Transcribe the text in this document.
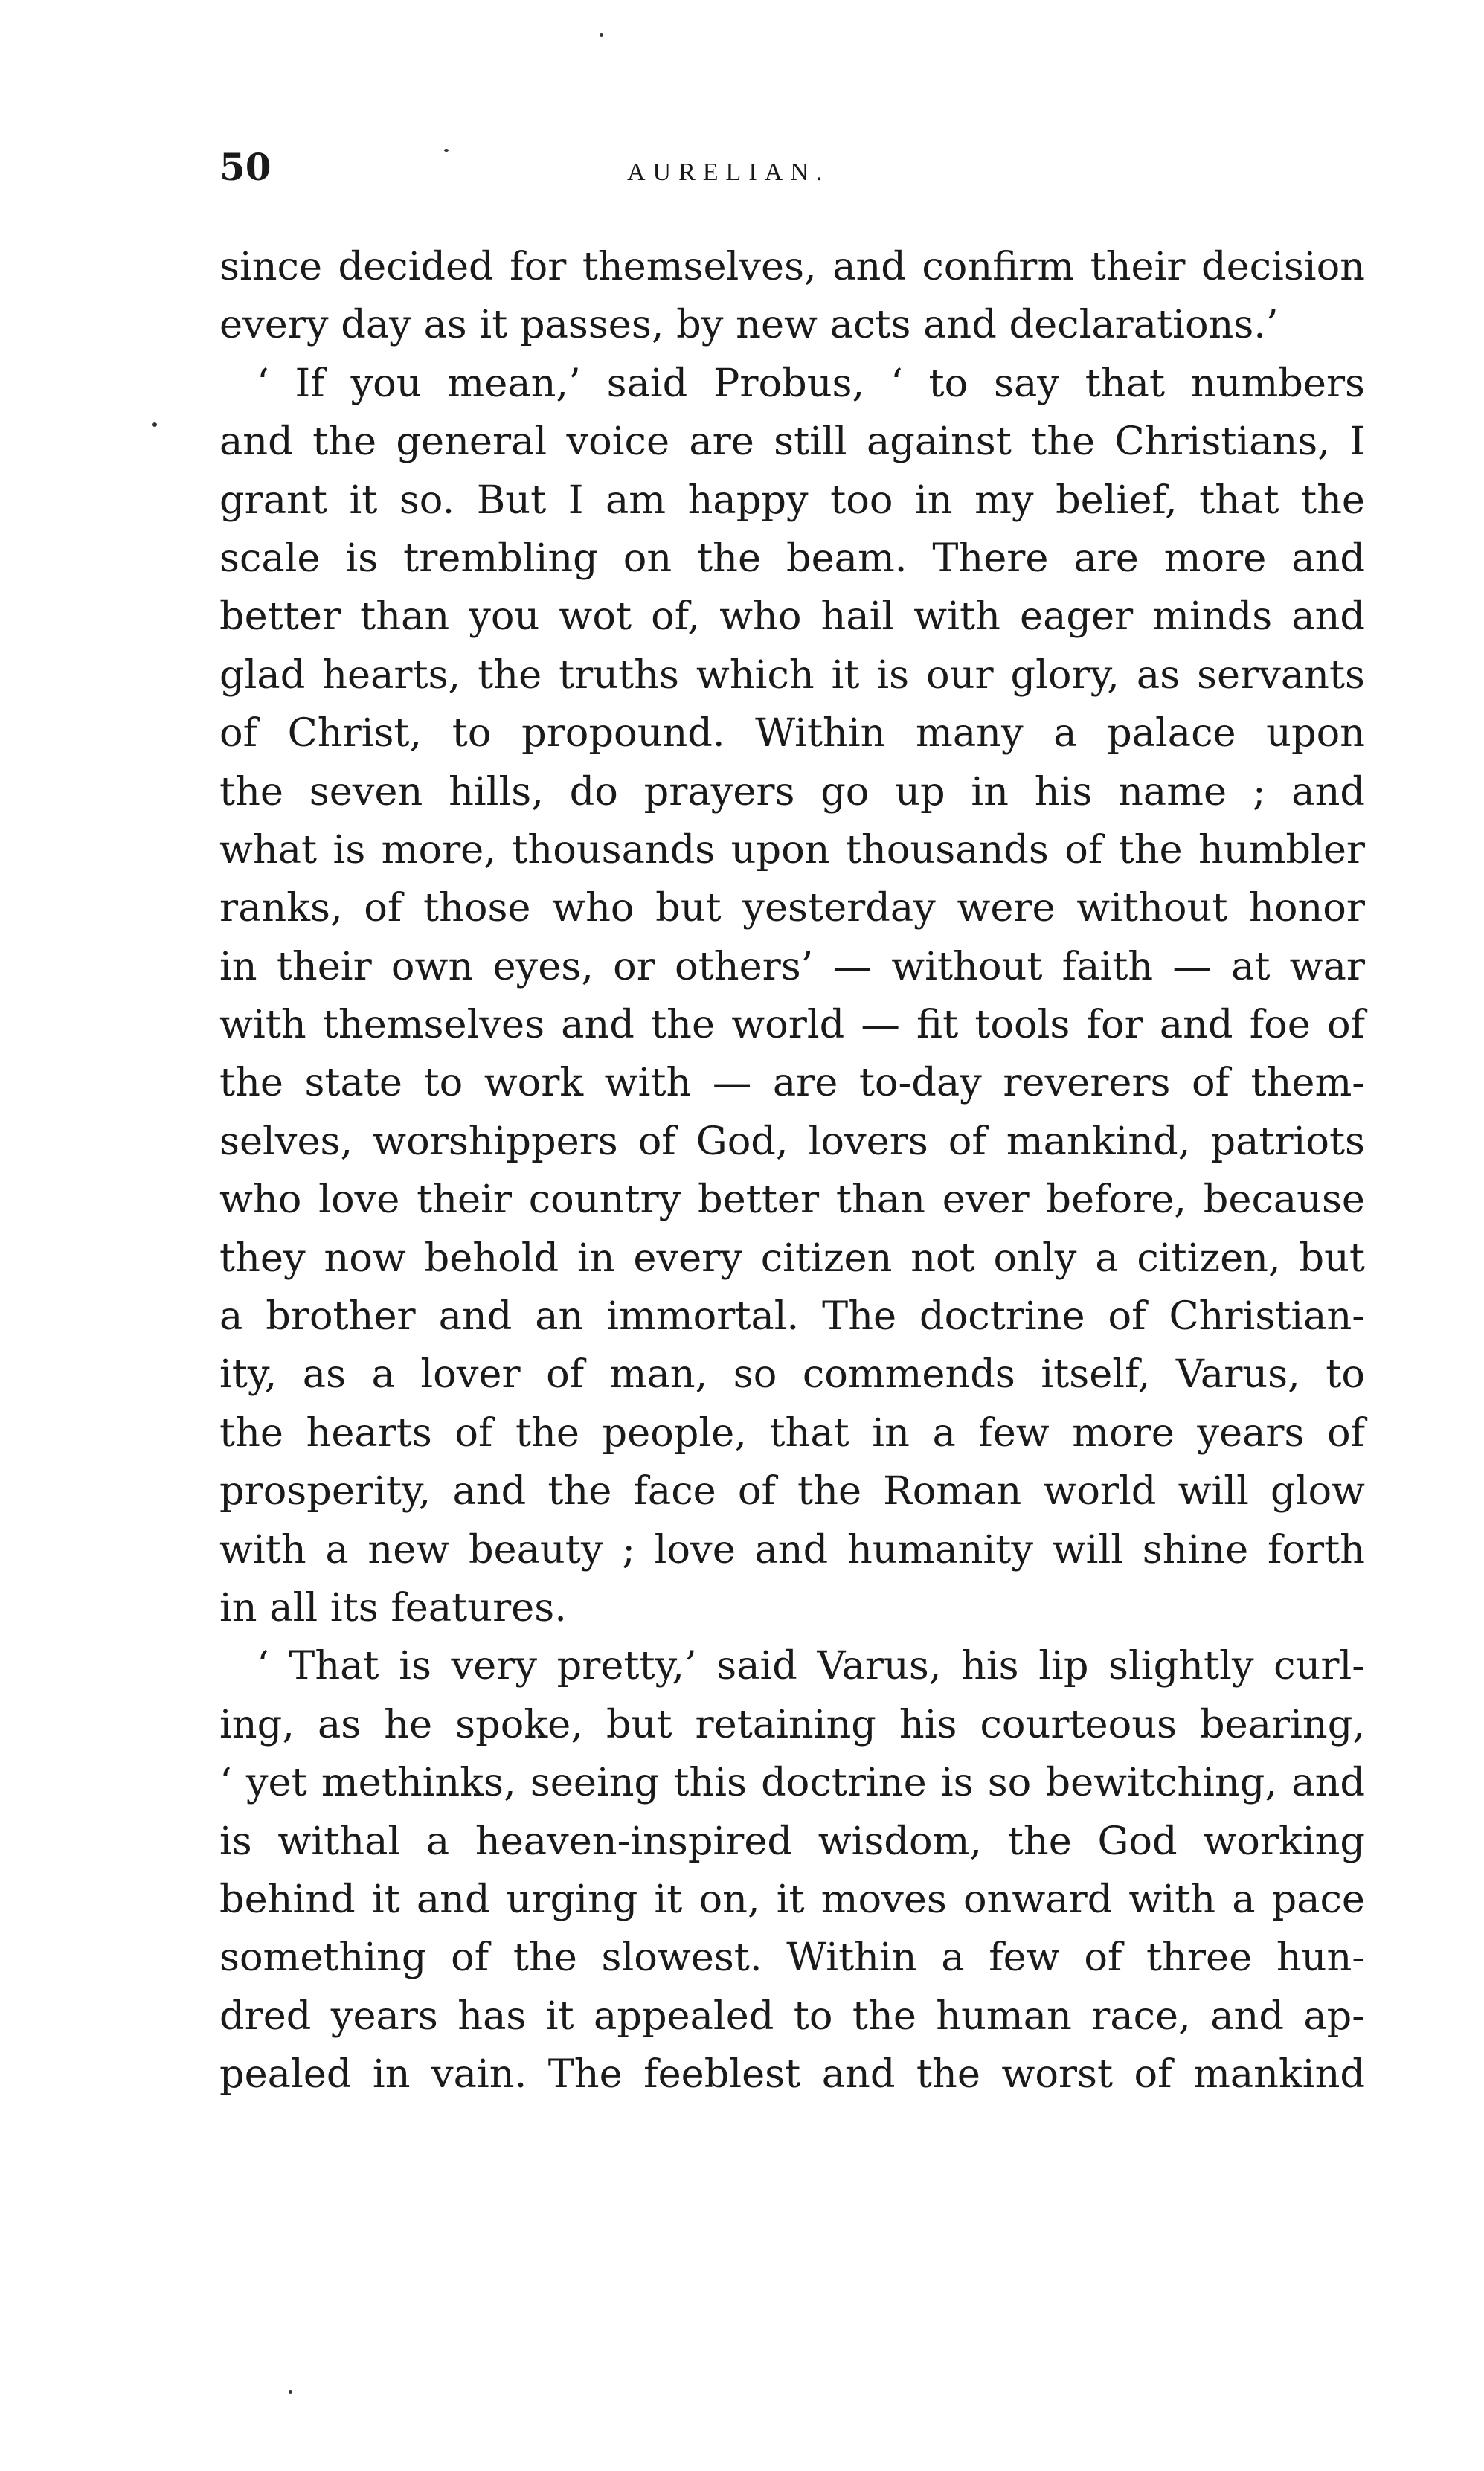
50	AURELIAN.
since decided for themselves, and confirm their decision
every day as it passes, by new acts and declarations.’
‘ If you mean,’ said Probus, ‘ to say that numbers
and the general voice are still against the Christians, I
grant it so. But I am happy too in my belief, that the
scale is trembling on the beam. There are more and
better than you wot of, who hail with eager minds and
glad hearts, the truths which it is our glory, as servants
of Christ, to propound. Within many a palace upon
the seven hills, do prayers go up in his name ; and
what is more, thousands upon thousands of the humbler
ranks, of those who but yesterday were without honor
in their own eyes, or others’ — without faith — at war
with themselves and the world — fit tools for and foe of
the state to work with — are to-day reverers of them-
selves, worshippers of God, lovers of mankind, patriots
who love their country better than ever before, because
they now behold in every citizen not only a citizen, but
a brother and an immortal. The doctrine of Christian-
ity, as a lover of man, so commends itself, Varus, to
the hearts of the people, that in a few more years of
prosperity, and the face of the Roman world will glow
with a new beauty ; love and humanity will shine forth
in all its features.
‘ That is very pretty,’ said Varus, his lip slightly curl-
ing, as he spoke, but retaining his courteous bearing,
‘ yet methinks, seeing this doctrine is so bewitching, and
is withal a heaven-inspired wisdom, the God working
behind it and urging it on, it moves onward with a pace
something of the slowest. Within a few of three hun-
dred years has it appealed to the human race, and ap-
pealed in vain. The feeblest and the worst of mankind
